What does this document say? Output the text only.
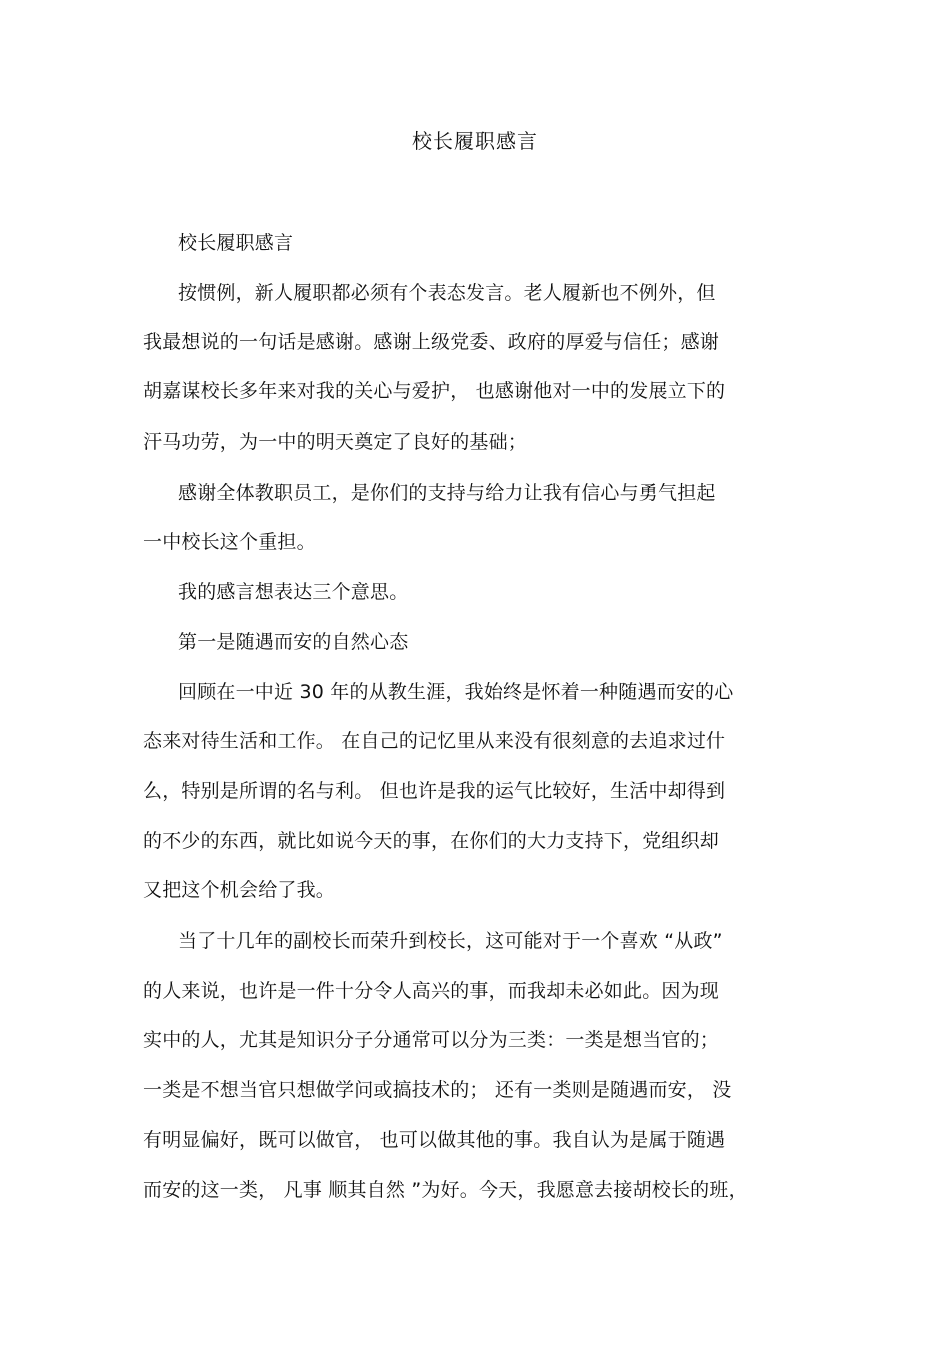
校长履职感言
校长履职感言
按惯例，新人履职都必须有个表态发言。老人履新也不例外，但
我最想说的一句话是感谢。感谢上级党委、政府的厚爱与信任；感谢
胡嘉谋校长多年来对我的关心与爱护， 也感谢他对一中的发展立下的
汗马功劳，为一中的明天奠定了良好的基础；
感谢全体教职员工，是你们的支持与给力让我有信心与勇气担起
一中校长这个重担。
我的感言想表达三个意思。
第一是随遇而安的自然心态
回顾在一中近 30 年的从教生涯，我始终是怀着一种随遇而安的心
态来对待生活和工作。 在自己的记忆里从来没有很刻意的去追求过什
么，特别是所谓的名与利。 但也许是我的运气比较好，生活中却得到
的不少的东西，就比如说今天的事，在你们的大力支持下，党组织却
又把这个机会给了我。
当了十几年的副校长而荣升到校长，这可能对于一个喜欢 “从政”
的人来说，也许是一件十分令人高兴的事，而我却未必如此。因为现
实中的人，尤其是知识分子分通常可以分为三类：一类是想当官的；
一类是不想当官只想做学问或搞技术的； 还有一类则是随遇而安， 没
有明显偏好，既可以做官， 也可以做其他的事。我自认为是属于随遇
而安的这一类， 凡事 顺其自然 ”为好。今天，我愿意去接胡校长的班，
